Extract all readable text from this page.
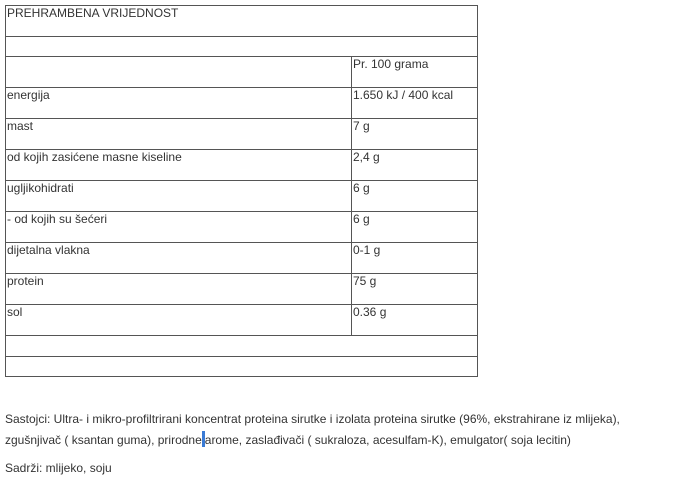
PREHRAMBENA VRIJEDNOST	

	Pr. 100 grama
energija	1.650 kJ / 400 kcal
mast	7 g
od kojih zasićene masne kiseline	2,4 g
ugljikohidrati	6 g
- od kojih su šećeri	6 g
dijetalna vlakna	0-1 g
protein	75 g
sol	0.36 g

Sastojci: Ultra- i mikro-profiltrirani koncentrat proteina sirutke i izolata proteina sirutke (96%, ekstrahirane iz mlijeka),
zgušnjivač ( ksantan guma), prirodne arome, zaslađivači ( sukraloza, acesulfam-K), emulgator( soja lecitin)

Sadrži: mlijeko, soju
